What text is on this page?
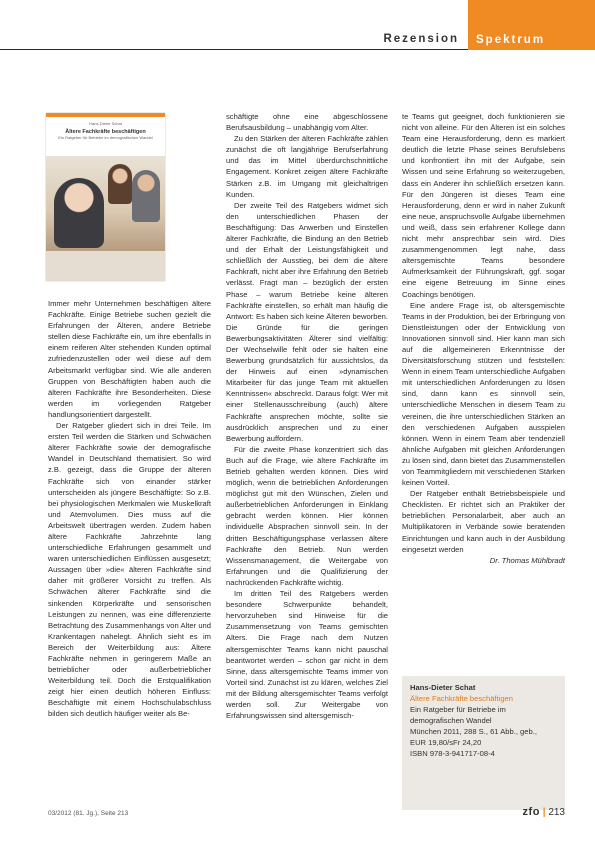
Rezension Spektrum
Hans-Dieter Schat
Ältere Fachkräfte beschäftigen
Ein Ratgeber für Betriebe im demografischen Wandel

Immer mehr Unternehmen beschäftigen ältere Fachkräfte. Einige Betriebe suchen gezielt die Erfahrungen der Älteren, andere Betriebe stellen diese Fachkräfte ein, um ihre ebenfalls in einem reiferen Alter stehenden Kunden optimal zufriedenzustellen oder weil diese auf dem Arbeitsmarkt verfügbar sind. Wie alle anderen Gruppen von Beschäftigten haben auch die älteren Fachkräfte ihre Besonderheiten. Diese werden im vorliegenden Ratgeber handlungsorientiert dargestellt.

Der Ratgeber gliedert sich in drei Teile. Im ersten Teil werden die Stärken und Schwächen älterer Fachkräfte sowie der demografische Wandel in Deutschland thematisiert. So wird z.B. gezeigt, dass die Gruppe der älteren Fachkräfte sich von einander stärker unterscheiden als jüngere Beschäftigte: So z.B. bei physiologischen Merkmalen wie Muskelkraft und Atemvolumen. Dies muss auf die Arbeitswelt übertragen werden. Zudem haben ältere Fachkräfte Jahrzehnte lang unterschiedliche Erfahrungen gesammelt und waren unterschiedlichen Einflüssen ausgesetzt; Aussagen über »die« älteren Fachkräfte sind daher mit größerer Vorsicht zu treffen. Als Schwächen älterer Fachkräfte sind die sinkenden Körperkräfte und sensorischen Leistungen zu nennen, was eine differenzierte Betrachtung des Zusammenhangs von Alter und Krankentagen nahelegt. Ähnlich sieht es im Bereich der Weiterbildung aus: Ältere Fachkräfte nehmen in geringerem Maße an betrieblicher oder außerbetrieblicher Weiterbildung teil. Doch die Erstqualifikation zeigt hier einen deutlich höheren Einfluss: Beschäftigte mit einem Hochschulabschluss bilden sich deutlich häufiger weiter als Be-

schäftigte ohne eine abgeschlossene Berufsausbildung – unabhängig vom Alter.

Zu den Stärken der älteren Fachkräfte zählen zunächst die oft langjährige Berufserfahrung und das im Mittel überdurchschnittliche Engagement. Konkret zeigen ältere Fachkräfte Stärken z.B. im Umgang mit gleichaltrigen Kunden.

Der zweite Teil des Ratgebers widmet sich den unterschiedlichen Phasen der Beschäftigung: Das Anwerben und Einstellen älterer Fachkräfte, die Bindung an den Betrieb und der Erhalt der Leistungsfähigkeit und schließlich der Ausstieg, bei dem die ältere Fachkraft, nicht aber ihre Erfahrung den Betrieb verlässt. Fragt man – bezüglich der ersten Phase – warum Betriebe keine älteren Fachkräfte einstellen, so erhält man häufig die Antwort: Es haben sich keine Älteren beworben. Die Gründe für die geringen Bewerbungsaktivitäten Älterer sind vielfältig: Der Wechselwille fehlt oder sie halten eine Bewerbung grundsätzlich für aussichtslos, da der Hinweis auf einen »dynamischen Mitarbeiter für das junge Team mit aktuellen Kenntnissen« abschreckt. Daraus folgt: Wer mit einer Stellenausschreibung (auch) ältere Fachkräfte ansprechen möchte, sollte sie ausdrücklich ansprechen und zu einer Bewerbung auffordern.

Für die zweite Phase konzentriert sich das Buch auf die Frage, wie ältere Fachkräfte im Betrieb gehalten werden können. Dies wird möglich, wenn die betrieblichen Anforderungen möglichst gut mit den Wünschen, Zielen und außerbetrieblichen Anforderungen in Einklang gebracht werden können. Hier können individuelle Absprachen sinnvoll sein. In der dritten Beschäftigungsphase verlassen ältere Fachkräfte den Betrieb. Nun werden Wissensmanagement, die Weitergabe von Erfahrungen und die Qualifizierung der nachrückenden Fachkräfte wichtig.

Im dritten Teil des Ratgebers werden besondere Schwerpunkte behandelt, hervorzuheben sind Hinweise für die Zusammensetzung von Teams gemischten Alters. Die Frage nach dem Nutzen altersgemischter Teams kann nicht pauschal beantwortet werden – schon gar nicht in dem Sinne, dass altersgemischte Teams immer von Vorteil sind. Zunächst ist zu klären, welches Ziel mit der Bildung altersgemischter Teams verfolgt werden soll. Zur Weitergabe von Erfahrungswissen sind altersgemisch-

te Teams gut geeignet, doch funktionieren sie nicht von alleine. Für den Älteren ist ein solches Team eine Herausforderung, denn es markiert deutlich die letzte Phase seines Berufslebens und konfrontiert ihn mit der Aufgabe, sein Wissen und seine Erfahrung so weiterzugeben, dass ein Anderer ihn schließlich ersetzen kann. Für den Jüngeren ist dieses Team eine Herausforderung, denn er wird in naher Zukunft eine neue, anspruchsvolle Aufgabe übernehmen und weiß, dass sein erfahrener Kollege dann nicht mehr ansprechbar sein wird. Dies zusammengenommen legt nahe, dass altersgemischte Teams besondere Aufmerksamkeit der Führungskraft, ggf. sogar eine eigene Betreuung im Sinne eines Coachings benötigen.

Eine andere Frage ist, ob altersgemischte Teams in der Produktion, bei der Erbringung von Dienstleistungen oder der Entwicklung von Innovationen sinnvoll sind. Hier kann man sich auf die allgemeineren Erkenntnisse der Diversitätsforschung stützen und feststellen: Wenn in einem Team unterschiedliche Aufgaben mit unterschiedlichen Anforderungen zu lösen sind, dann kann es sinnvoll sein, unterschiedliche Menschen in diesem Team zu vereinen, die ihre unterschiedlichen Stärken an den verschiedenen Aufgaben ausspielen können. Wenn in einem Team aber tendenziell ähnliche Aufgaben mit gleichen Anforderungen zu lösen sind, dann bietet das Zusammenstellen von Teammitgliedern mit verschiedenen Stärken keinen Vorteil.

Der Ratgeber enthält Betriebsbeispiele und Checklisten. Er richtet sich an Praktiker der betrieblichen Personalarbeit, aber auch an Multiplikatoren in Verbände sowie beratenden Einrichtungen und kann auch in der Ausbildung eingesetzt werden

Dr. Thomas Mühlbradt
Hans-Dieter Schat
Ältere Fachkräfte beschäftigen
Ein Ratgeber für Betriebe im demografischen Wandel
München 2011, 288 S., 61 Abb., geb.,
EUR 19,80/sFr 24,20
ISBN 978-3-941717-08-4
03/2012 (81. Jg.), Seite 213	zfo | 213
